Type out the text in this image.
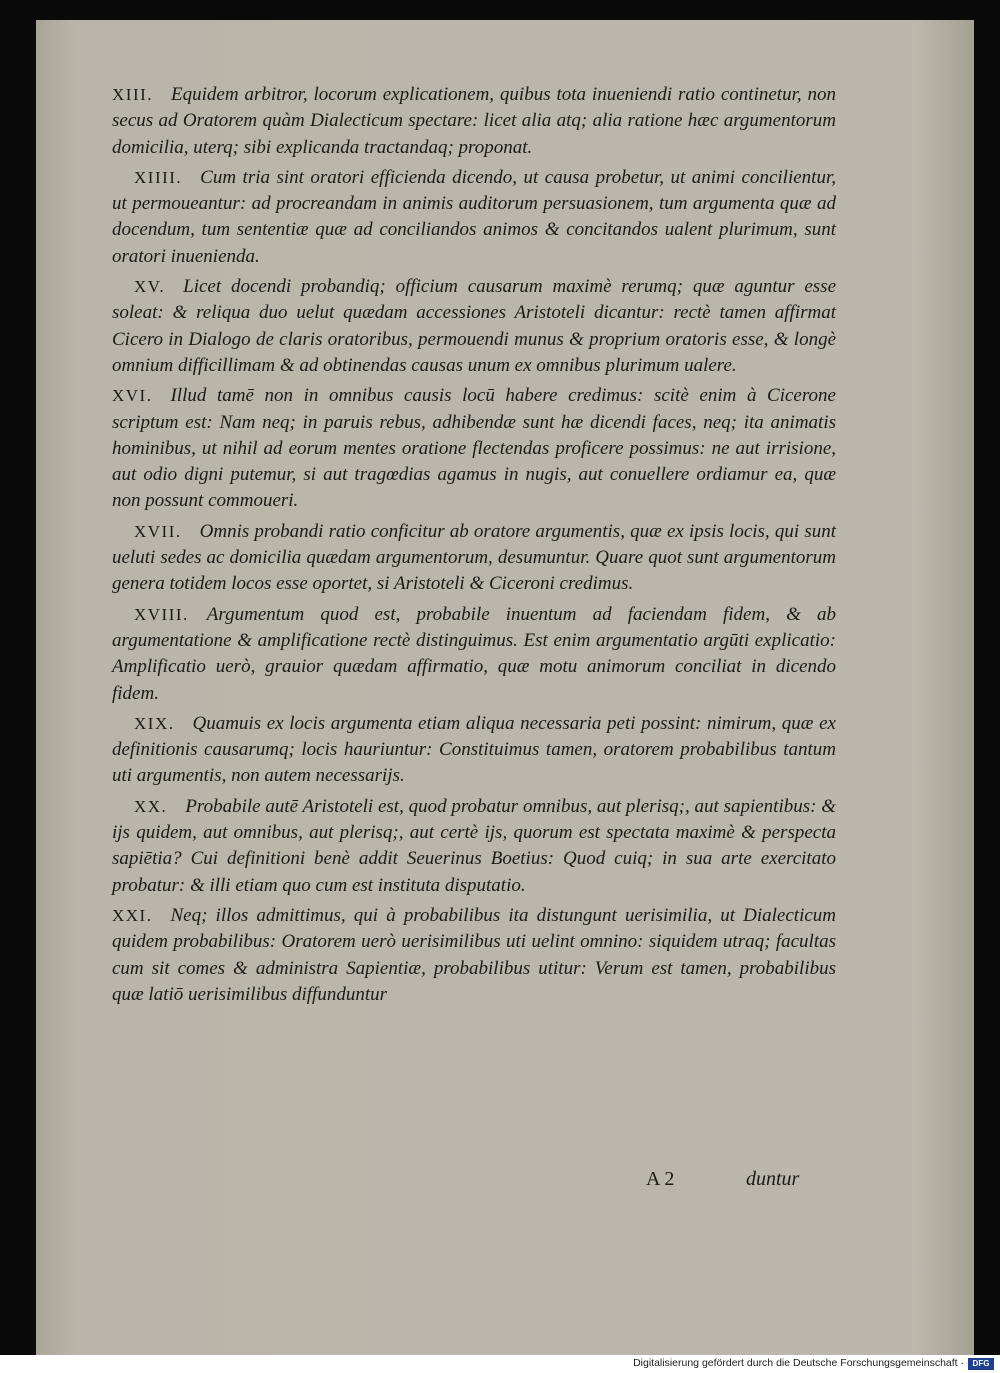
XIII. Equidem arbitror, locorum explicationem, quibus tota inueniendi ratio continetur, non secus ad Oratorem quàm Dialecticum spectare: licet alia atq; alia ratione hæc argumentorum domicilia, uterq; sibi explicanda tractandaq; proponat.

XIIII. Cum tria sint oratori efficienda dicendo, ut causa probetur, ut animi concilientur, ut permoueantur: ad procreandam in animis auditorum persuasionem, tum argumenta quæ ad docendum, tum sententiæ quæ ad conciliandos animos & concitandos ualent plurimum, sunt oratori inuenienda.

XV. Licet docendi probandiq; officium causarum maximè rerumq; quæ aguntur esse soleat: & reliqua duo uelut quædam accessiones Aristoteli dicantur: rectè tamen affirmat Cicero in Dialogo de claris oratoribus, permouendi munus & proprium oratoris esse, & longè omnium difficillimam & ad obtinendas causas unum ex omnibus plurimum ualere.

XVI. Illud tamē non in omnibus causis locū habere credimus: scitè enim à Cicerone scriptum est: Nam neq; in paruis rebus, adhibendæ sunt hæ dicendi faces, neq; ita animatis hominibus, ut nihil ad eorum mentes oratione flectendas proficere possimus: ne aut irrisione, aut odio digni putemur, si aut tragœdias agamus in nugis, aut conuellere ordiamur ea, quæ non possunt commoueri.

XVII. Omnis probandi ratio conficitur ab oratore argumentis, quæ ex ipsis locis, qui sunt ueluti sedes ac domicilia quædam argumentorum, desumuntur. Quare quot sunt argumentorum genera totidem locos esse oportet, si Aristoteli & Ciceroni credimus.

XVIII. Argumentum quod est, probabile inuentum ad faciendam fidem, & ab argumentatione & amplificatione rectè distinguimus. Est enim argumentatio argūti explicatio: Amplificatio uerò, grauior quædam affirmatio, quæ motu animorum conciliat in dicendo fidem.

XIX. Quamuis ex locis argumenta etiam aliqua necessaria peti possint: nimirum, quæ ex definitionis causarumq; locis hauriuntur: Constituimus tamen, oratorem probabilibus tantum uti argumentis, non autem necessarijs.

XX. Probabile autē Aristoteli est, quod probatur omnibus, aut plerisq;, aut sapientibus: & ijs quidem, aut omnibus, aut plerisq;, aut certè ijs, quorum est spectata maximè & perspecta sapiētia? Cui definitioni benè addit Seuerinus Boetius: Quod cuiq; in sua arte exercitato probatur: & illi etiam quo cum est instituta disputatio.

XXI. Neq; illos admittimus, qui à probabilibus ita distungunt uerisimilia, ut Dialecticum quidem probabilibus: Oratorem uerò uerisimilibus uti uelint omnino: siquidem utraq; facultas cum sit comes & administra Sapientiæ, probabilibus utitur: Verum est tamen, probabilibus quæ latiō uerisimilibus diffunduntur

A 2	duntur
Digitalisierung gefördert durch die Deutsche Forschungsgemeinschaft ·	DFG
